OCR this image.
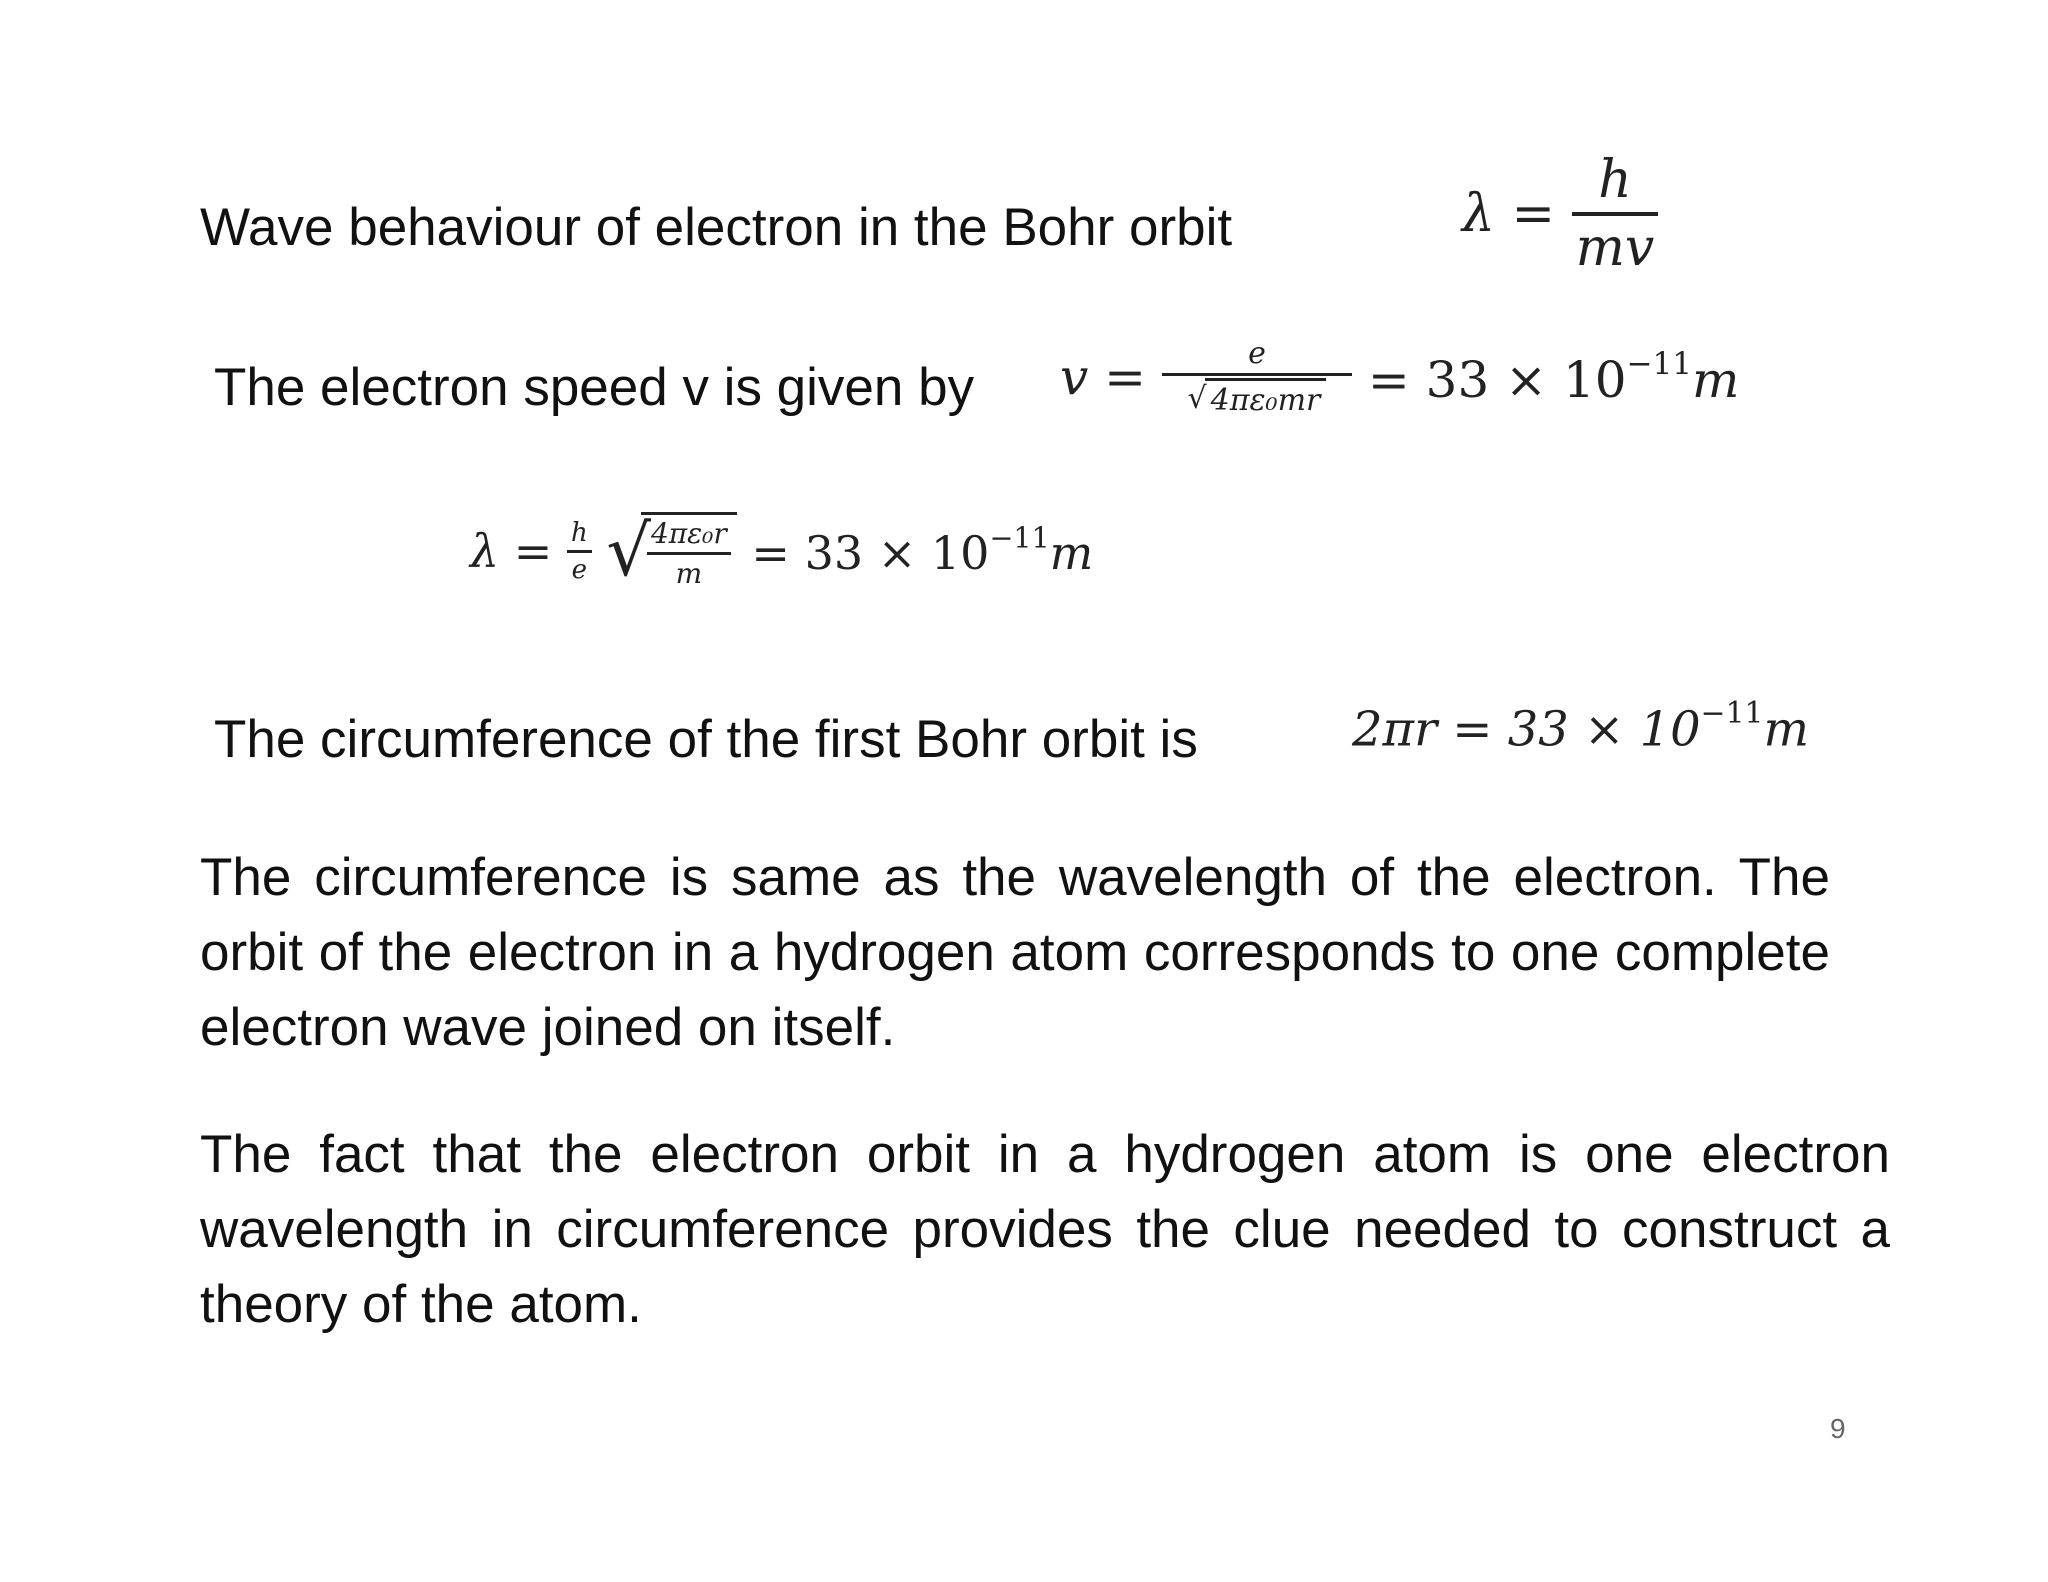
Wave behaviour of electron in the Bohr orbit	$\lambda = \frac{h}{mv}$
The electron speed v is given by $v = \frac{e}{\text{√ 4πε₀mr}} = 33 \times 10^{-11}m$
$\lambda = \frac{h}{e}$ √
$\frac{\text{4πε₀r}}{m} = 33 \times 10^{-11}m$
The circumference of the first Bohr orbit is	$2\pi r = 33 \times 10^{-11}m$
The circumference is same as the wavelength of the electron. The orbit of the electron in a hydrogen atom corresponds to one complete electron wave joined on itself.
The fact that the electron orbit in a hydrogen atom is one electron wavelength in circumference provides the clue needed to construct a theory of the atom.
9
